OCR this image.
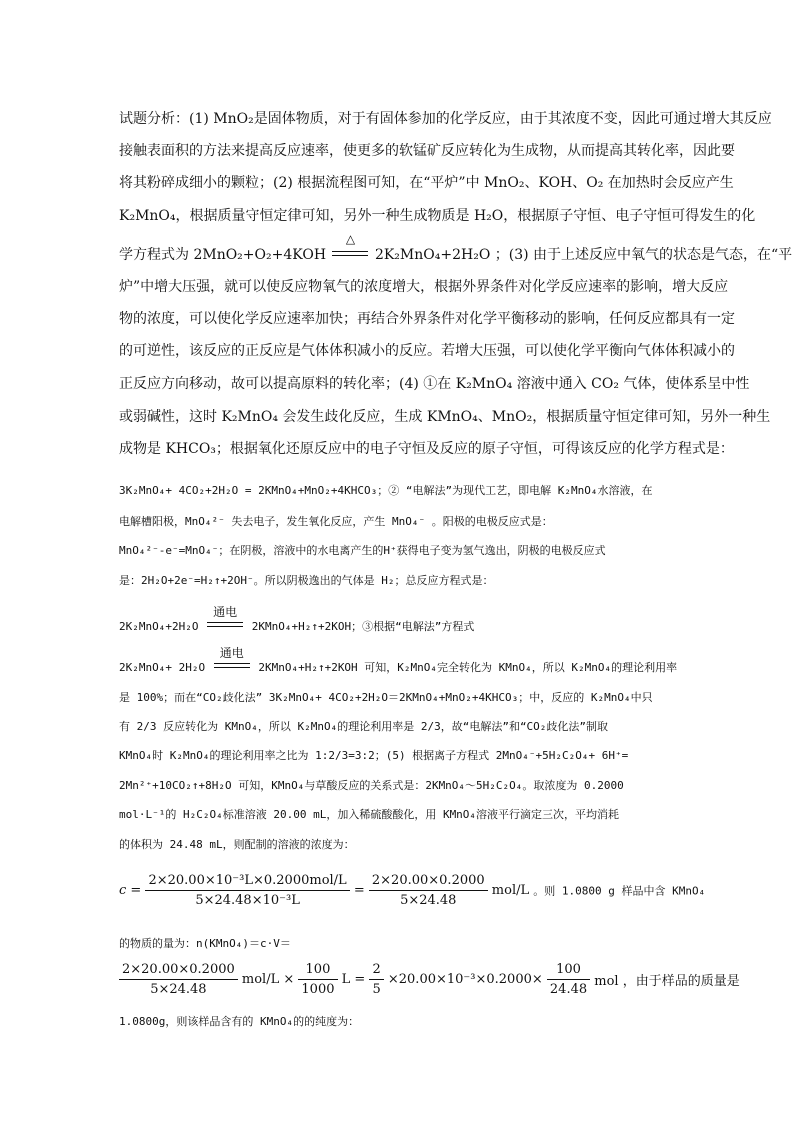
试题分析：(1) MnO₂是固体物质，对于有固体参加的化学反应，由于其浓度不变，因此可通过增大其反应
接触表面积的方法来提高反应速率，使更多的软锰矿反应转化为生成物，从而提高其转化率，因此要
将其粉碎成细小的颗粒；(2) 根据流程图可知，在“平炉”中 MnO₂、KOH、O₂ 在加热时会反应产生
K₂MnO₄，根据质量守恒定律可知，另外一种生成物质是 H₂O，根据原子守恒、电子守恒可得发生的化
学方程式为 2MnO₂+O₂+4KOH
△
2K₂MnO₄+2H₂O ；(3) 由于上述反应中氧气的状态是气态，在“平
炉”中增大压强，就可以使反应物氧气的浓度增大，根据外界条件对化学反应速率的影响，增大反应
物的浓度，可以使化学反应速率加快；再结合外界条件对化学平衡移动的影响，任何反应都具有一定
的可逆性，该反应的正反应是气体体积减小的反应。若增大压强，可以使化学平衡向气体体积减小的
正反应方向移动，故可以提高原料的转化率；(4) ①在 K₂MnO₄ 溶液中通入 CO₂ 气体，使体系呈中性
或弱碱性，这时 K₂MnO₄ 会发生歧化反应，生成 KMnO₄、MnO₂，根据质量守恒定律可知，另外一种生
成物是 KHCO₃；根据氧化还原反应中的电子守恒及反应的原子守恒，可得该反应的化学方程式是：
3K₂MnO₄+ 4CO₂+2H₂O = 2KMnO₄+MnO₂+4KHCO₃；② “电解法”为现代工艺，即电解 K₂MnO₄水溶液，在
电解槽阳极，MnO₄²⁻ 失去电子，发生氧化反应，产生 MnO₄⁻ 。阳极的电极反应式是：
MnO₄²⁻-e⁻=MnO₄⁻；在阴极，溶液中的水电离产生的H⁺获得电子变为氢气逸出，阴极的电极反应式
是：2H₂O+2e⁻=H₂↑+2OH⁻。所以阴极逸出的气体是 H₂；总反应方程式是：
2K₂MnO₄+2H₂O
通电
2KMnO₄+H₂↑+2KOH；③根据“电解法”方程式
2K₂MnO₄+ 2H₂O
通电
2KMnO₄+H₂↑+2KOH 可知，K₂MnO₄完全转化为 KMnO₄，所以 K₂MnO₄的理论利用率
是 100%；而在“CO₂歧化法” 3K₂MnO₄+ 4CO₂+2H₂O＝2KMnO₄+MnO₂+4KHCO₃；中，反应的 K₂MnO₄中只
有 2/3 反应转化为 KMnO₄，所以 K₂MnO₄的理论利用率是 2/3，故“电解法”和“CO₂歧化法”制取
KMnO₄时 K₂MnO₄的理论利用率之比为 1:2/3=3:2；(5) 根据离子方程式 2MnO₄⁻+5H₂C₂O₄+ 6H⁺=
2Mn²⁺+10CO₂↑+8H₂O 可知，KMnO₄与草酸反应的关系式是：2KMnO₄～5H₂C₂O₄。取浓度为 0.2000
mol·L⁻¹的 H₂C₂O₄标准溶液 20.00 mL，加入稀硫酸酸化，用 KMnO₄溶液平行滴定三次，平均消耗
的体积为 24.48 mL，则配制的溶液的浓度为：
$c = \frac{\text{2×20.00×10⁻³L×0.2000mol/L}}{\text{5×24.48×10⁻³L}} = \frac{2\times 20.00\times 0.2000}{5\times 24.48} mol/L$ 。则 1.0800 g 样品中含 KMnO₄
的物质的量为：n(KMnO₄)＝c·V＝
$\frac{2\times 20.00\times 0.2000}{5\times 24.48} mol/L \times \frac{100}{1000}$ $L = \frac{2}{5} \times 20.00\times 10^{-3}\times 0.2000\times \frac{100}{24.48}$ mol ，由于样品的质量是
1.0800g，则该样品含有的 KMnO₄的的纯度为：
